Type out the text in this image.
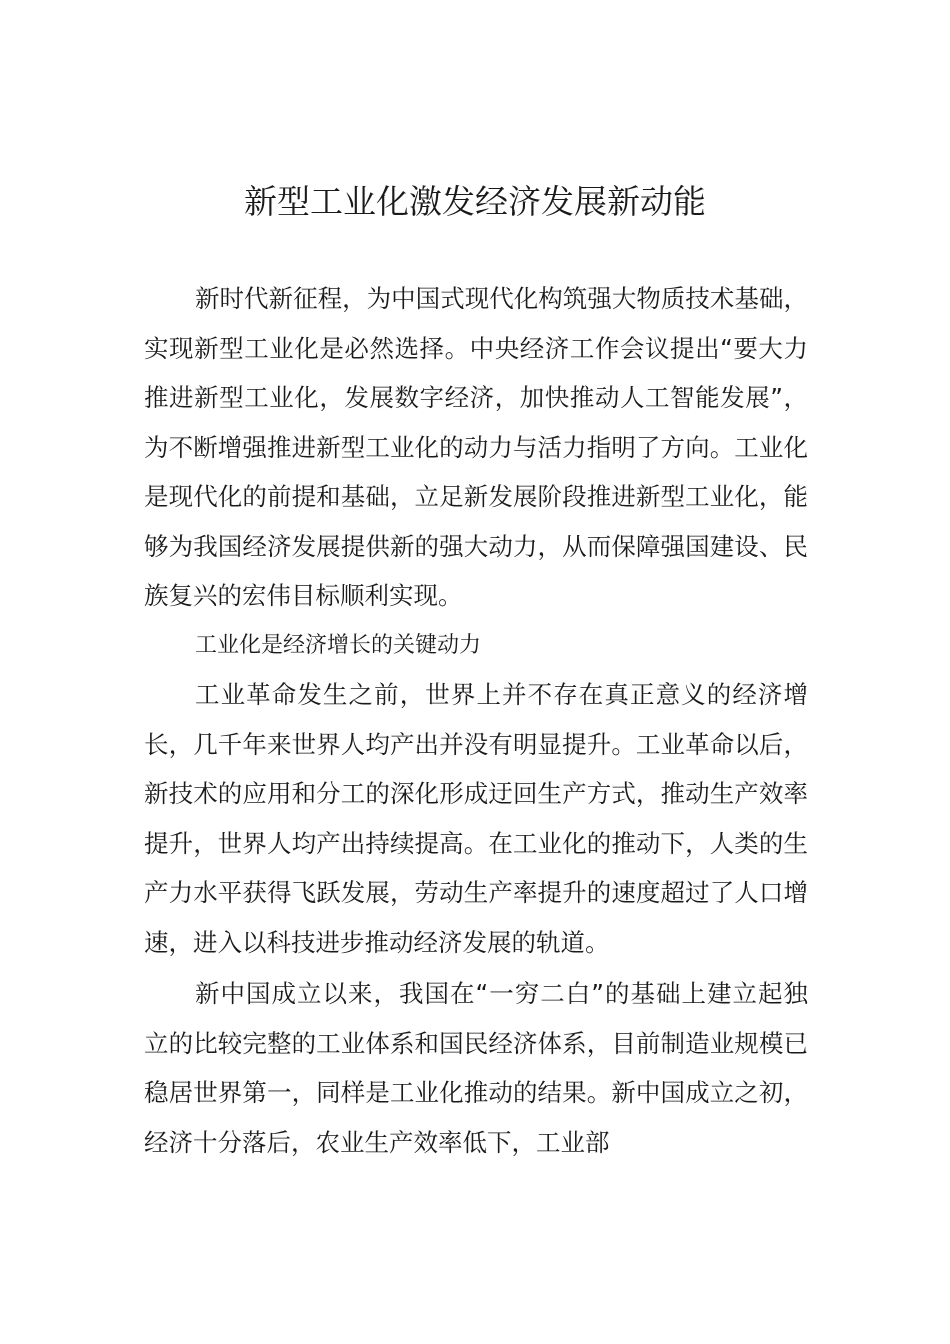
新型工业化激发经济发展新动能

新时代新征程，为中国式现代化构筑强大物质技术基础，实现新型工业化是必然选择。中央经济工作会议提出“要大力推进新型工业化，发展数字经济，加快推动人工智能发展”，为不断增强推进新型工业化的动力与活力指明了方向。工业化是现代化的前提和基础，立足新发展阶段推进新型工业化，能够为我国经济发展提供新的强大动力，从而保障强国建设、民族复兴的宏伟目标顺利实现。

工业化是经济增长的关键动力

工业革命发生之前，世界上并不存在真正意义的经济增长，几千年来世界人均产出并没有明显提升。工业革命以后，新技术的应用和分工的深化形成迂回生产方式，推动生产效率提升，世界人均产出持续提高。在工业化的推动下，人类的生产力水平获得飞跃发展，劳动生产率提升的速度超过了人口增速，进入以科技进步推动经济发展的轨道。

新中国成立以来，我国在“一穷二白”的基础上建立起独立的比较完整的工业体系和国民经济体系，目前制造业规模已稳居世界第一，同样是工业化推动的结果。新中国成立之初，经济十分落后，农业生产效率低下，工业部
